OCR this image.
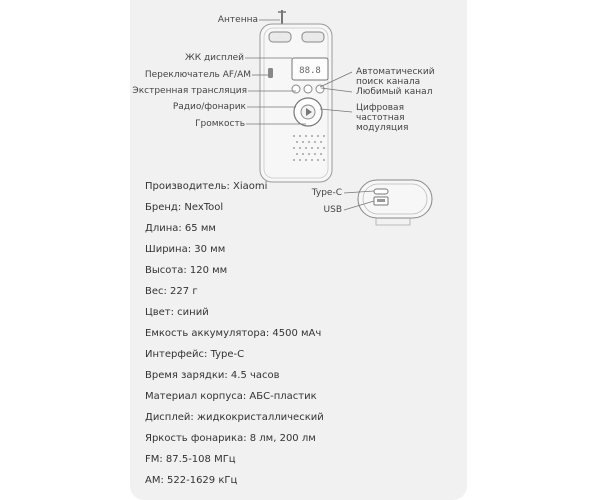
88.8
Антенна
ЖК дисплей
Переключатель AF/AM
Экстренная трансляция
Радио/фонарик
Громкость
Автоматический поиск канала
Любимый канал
Цифровая частотная модуляция
Type-C
USB
Производитель: Xiaomi
Бренд: NexTool
Длина: 65 мм
Ширина: 30 мм
Высота: 120 мм
Вес: 227 г
Цвет: синий
Емкость аккумулятора: 4500 мАч
Интерфейс: Type-C
Время зарядки: 4.5 часов
Материал корпуса: АБС-пластик
Дисплей: жидкокристаллический
Яркость фонарика: 8 лм, 200 лм
FM: 87.5-108 МГц
AM: 522-1629 кГц
